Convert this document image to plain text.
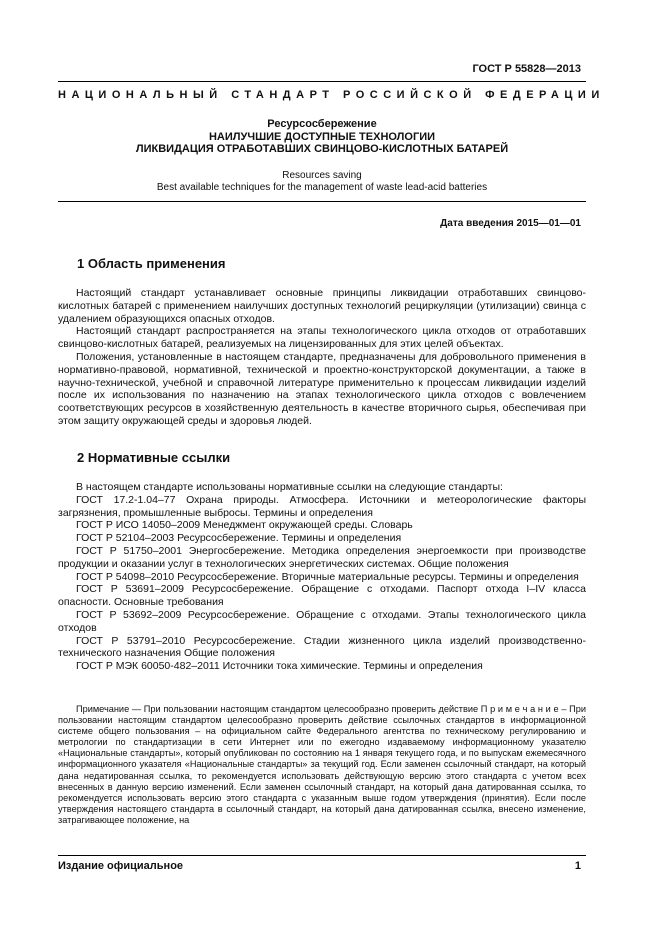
ГОСТ Р 55828—2013
НАЦИОНАЛЬНЫЙ СТАНДАРТ РОССИЙСКОЙ ФЕДЕРАЦИИ
Ресурсосбережение
НАИЛУЧШИЕ ДОСТУПНЫЕ ТЕХНОЛОГИИ
ЛИКВИДАЦИЯ ОТРАБОТАВШИХ СВИНЦОВО-КИСЛОТНЫХ БАТАРЕЙ
Resources saving
Best available techniques for the management of waste lead-acid batteries
Дата введения 2015—01—01
1 Область применения

Настоящий стандарт устанавливает основные принципы ликвидации отработавших свинцово-кислотных батарей с применением наилучших доступных технологий рециркуляции (утилизации) свинца с удалением образующихся опасных отходов.

Настоящий стандарт распространяется на этапы технологического цикла отходов от отработавших свинцово-кислотных батарей, реализуемых на лицензированных для этих целей объектах.

Положения, установленные в настоящем стандарте, предназначены для добровольного применения в нормативно-правовой, нормативной, технической и проектно-конструкторской документации, а также в научно-технической, учебной и справочной литературе применительно к процессам ликвидации изделий после их использования по назначению на этапах технологического цикла отходов с вовлечением соответствующих ресурсов в хозяйственную деятельность в качестве вторичного сырья, обеспечивая при этом защиту окружающей среды и здоровья людей.

2 Нормативные ссылки

В настоящем стандарте использованы нормативные ссылки на следующие стандарты:

ГОСТ 17.2-1.04–77 Охрана природы. Атмосфера. Источники и метеорологические факторы загрязнения, промышленные выбросы. Термины и определения

ГОСТ Р ИСО 14050–2009 Менеджмент окружающей среды. Словарь

ГОСТ Р 52104–2003 Ресурсосбережение. Термины и определения

ГОСТ Р 51750–2001 Энергосбережение. Методика определения энергоемкости при производстве продукции и оказании услуг в технологических энергетических системах. Общие положения

ГОСТ Р 54098–2010 Ресурсосбережение. Вторичные материальные ресурсы. Термины и определения

ГОСТ Р 53691–2009 Ресурсосбережение. Обращение с отходами. Паспорт отхода I–IV класса опасности. Основные требования

ГОСТ Р 53692–2009 Ресурсосбережение. Обращение с отходами. Этапы технологического цикла отходов

ГОСТ Р 53791–2010 Ресурсосбережение. Стадии жизненного цикла изделий производственно-технического назначения Общие положения

ГОСТ Р МЭК 60050-482–2011 Источники тока химические. Термины и определения

Примечание — При пользовании настоящим стандартом целесообразно проверить действие П р и м е ч а н и е – При пользовании настоящим стандартом целесообразно проверить действие ссылочных стандартов в информационной системе общего пользования – на официальном сайте Федерального агентства по техническому регулированию и метрологии по стандартизации в сети Интернет или по ежегодно издаваемому информационному указателю «Национальные стандарты», который опубликован по состоянию на 1 января текущего года, и по выпускам ежемесячного информационного указателя «Национальные стандарты» за текущий год. Если заменен ссылочный стандарт, на который дана недатированная ссылка, то рекомендуется использовать действующую версию этого стандарта с учетом всех внесенных в данную версию изменений. Если заменен ссылочный стандарт, на который дана датированная ссылка, то рекомендуется использовать версию этого стандарта с указанным выше годом утверждения (принятия). Если после утверждения настоящего стандарта в ссылочный стандарт, на который дана датированная ссылка, внесено изменение, затрагивающее положение, на

Издание официальное	1
